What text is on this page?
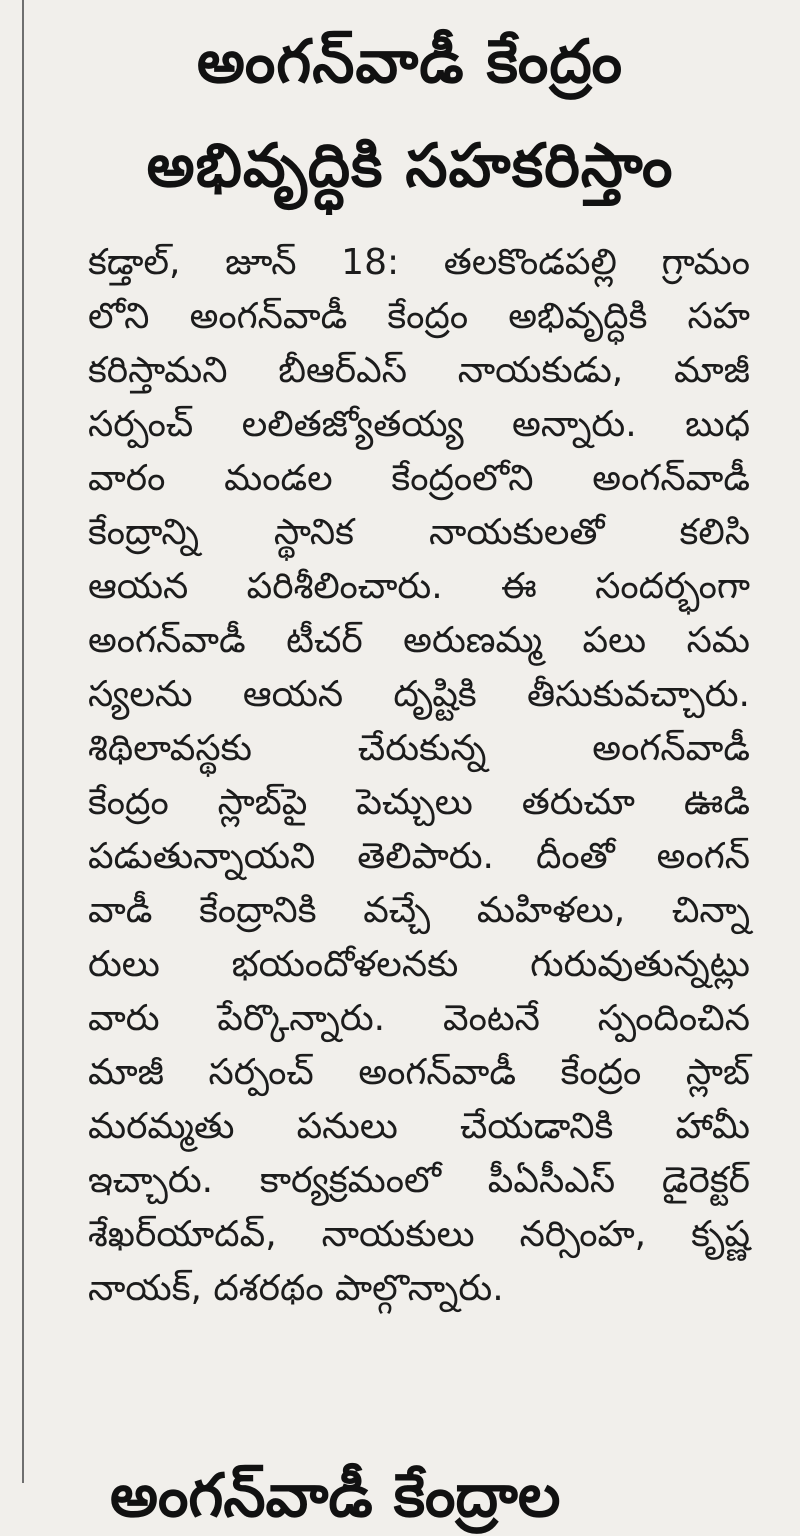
అంగన్‌వాడీ కేంద్రం
అభివృద్ధికి సహకరిస్తాం
కడ్తాల్, జూన్ 18: తలకొండపల్లి గ్రామం
లోని అంగన్‌వాడీ కేంద్రం అభివృద్ధికి సహ
కరిస్తామని బీఆర్ఎస్ నాయకుడు, మాజీ
సర్పంచ్ లలితజ్యోతయ్య అన్నారు. బుధ
వారం మండల కేంద్రంలోని అంగన్‌వాడీ
కేంద్రాన్ని స్థానిక నాయకులతో కలిసి
ఆయన పరిశీలించారు. ఈ సందర్భంగా
అంగన్‌వాడీ టీచర్ అరుణమ్మ పలు సమ
స్యలను ఆయన దృష్టికి తీసుకువచ్చారు.
శిథిలావస్థకు చేరుకున్న అంగన్‌వాడీ
కేంద్రం స్లాబ్‌పై పెచ్చులు తరుచూ ఊడి
పడుతున్నాయని తెలిపారు. దీంతో అంగన్
వాడీ కేంద్రానికి వచ్చే మహిళలు, చిన్నా
రులు భయందోళలనకు గురువుతున్నట్లు
వారు పేర్కొన్నారు. వెంటనే స్పందించిన
మాజీ సర్పంచ్ అంగన్‌వాడీ కేంద్రం స్లాబ్
మరమ్మతు పనులు చేయడానికి హామీ
ఇచ్చారు. కార్యక్రమంలో పీఏసీఎస్ డైరెక్టర్
శేఖర్‌యాదవ్, నాయకులు నర్సింహ, కృష్ణ
నాయక్, దశరథం పాల్గొన్నారు.
అంగన్‌వాడీ కేంద్రాల
